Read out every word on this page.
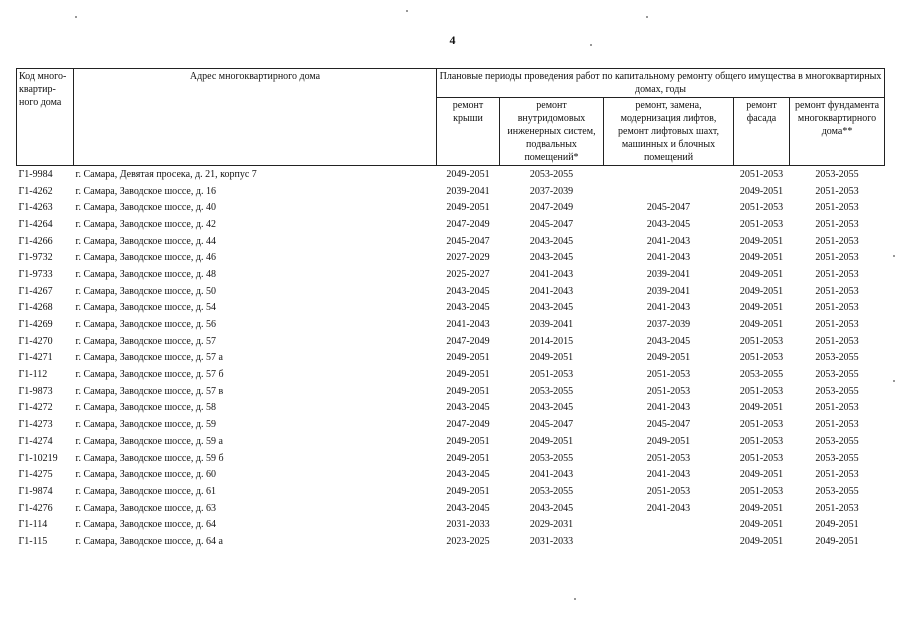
4
Код много-квартир-ного дома	Адрес многоквартирного дома	Плановые периоды проведения работ по капитальному ремонту общего имущества в многоквартирных домах, годы				
		ремонт крыши	ремонт внутридомовых инженерных систем, подвальных помещений*	ремонт, замена, модернизация лифтов, ремонт лифтовых шахт, машинных и блочных помещений	ремонт фасада	ремонт фундамента многоквартирного дома**
Г1-9984	г. Самара, Девятая просека, д. 21, корпус 7	2049-2051	2053-2055		2051-2053	2053-2055
Г1-4262	г. Самара, Заводское шоссе, д. 16	2039-2041	2037-2039		2049-2051	2051-2053
Г1-4263	г. Самара, Заводское шоссе, д. 40	2049-2051	2047-2049	2045-2047	2051-2053	2051-2053
Г1-4264	г. Самара, Заводское шоссе, д. 42	2047-2049	2045-2047	2043-2045	2051-2053	2051-2053
Г1-4266	г. Самара, Заводское шоссе, д. 44	2045-2047	2043-2045	2041-2043	2049-2051	2051-2053
Г1-9732	г. Самара, Заводское шоссе, д. 46	2027-2029	2043-2045	2041-2043	2049-2051	2051-2053
Г1-9733	г. Самара, Заводское шоссе, д. 48	2025-2027	2041-2043	2039-2041	2049-2051	2051-2053
Г1-4267	г. Самара, Заводское шоссе, д. 50	2043-2045	2041-2043	2039-2041	2049-2051	2051-2053
Г1-4268	г. Самара, Заводское шоссе, д. 54	2043-2045	2043-2045	2041-2043	2049-2051	2051-2053
Г1-4269	г. Самара, Заводское шоссе, д. 56	2041-2043	2039-2041	2037-2039	2049-2051	2051-2053
Г1-4270	г. Самара, Заводское шоссе, д. 57	2047-2049	2014-2015	2043-2045	2051-2053	2051-2053
Г1-4271	г. Самара, Заводское шоссе, д. 57 а	2049-2051	2049-2051	2049-2051	2051-2053	2053-2055
Г1-112	г. Самара, Заводское шоссе, д. 57 б	2049-2051	2051-2053	2051-2053	2053-2055	2053-2055
Г1-9873	г. Самара, Заводское шоссе, д. 57 в	2049-2051	2053-2055	2051-2053	2051-2053	2053-2055
Г1-4272	г. Самара, Заводское шоссе, д. 58	2043-2045	2043-2045	2041-2043	2049-2051	2051-2053
Г1-4273	г. Самара, Заводское шоссе, д. 59	2047-2049	2045-2047	2045-2047	2051-2053	2051-2053
Г1-4274	г. Самара, Заводское шоссе, д. 59 а	2049-2051	2049-2051	2049-2051	2051-2053	2053-2055
Г1-10219	г. Самара, Заводское шоссе, д. 59 б	2049-2051	2053-2055	2051-2053	2051-2053	2053-2055
Г1-4275	г. Самара, Заводское шоссе, д. 60	2043-2045	2041-2043	2041-2043	2049-2051	2051-2053
Г1-9874	г. Самара, Заводское шоссе, д. 61	2049-2051	2053-2055	2051-2053	2051-2053	2053-2055
Г1-4276	г. Самара, Заводское шоссе, д. 63	2043-2045	2043-2045	2041-2043	2049-2051	2051-2053
Г1-114	г. Самара, Заводское шоссе, д. 64	2031-2033	2029-2031		2049-2051	2049-2051
Г1-115	г. Самара, Заводское шоссе, д. 64 а	2023-2025	2031-2033		2049-2051	2049-2051
